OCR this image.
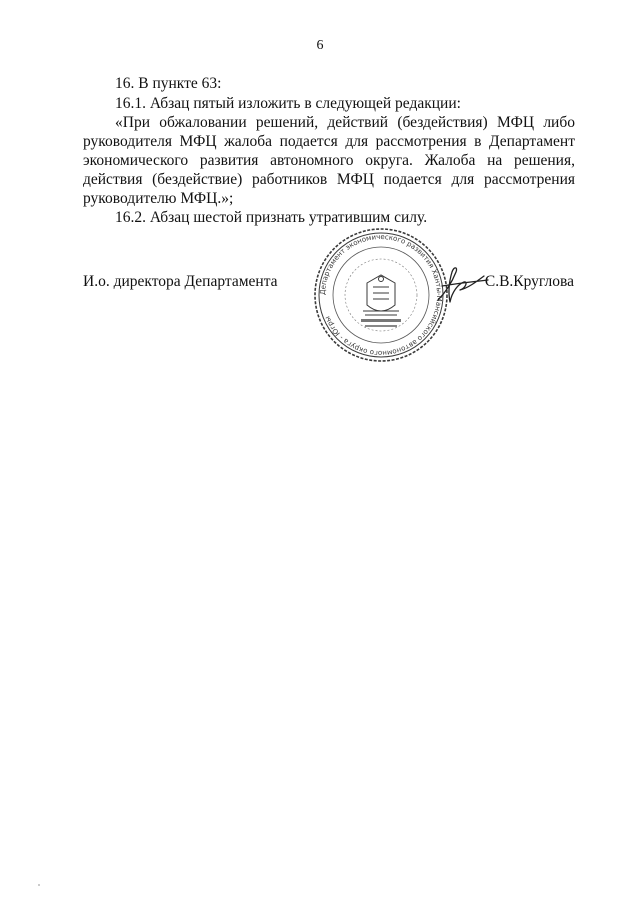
6
16. В пункте 63:
16.1. Абзац пятый изложить в следующей редакции:
«При обжаловании решений, действий (бездействия) МФЦ либо
руководителя МФЦ жалоба подается для рассмотрения в Департамент
экономического развития автономного округа. Жалоба на решения,
действия (бездействие) работников МФЦ подается для рассмотрения
руководителю МФЦ.»;
16.2. Абзац шестой признать утратившим силу.
И.о. директора Департамента	С.В.Круглова
Департамент экономического развития Ханты-Мансийского автономного округа - Югры
